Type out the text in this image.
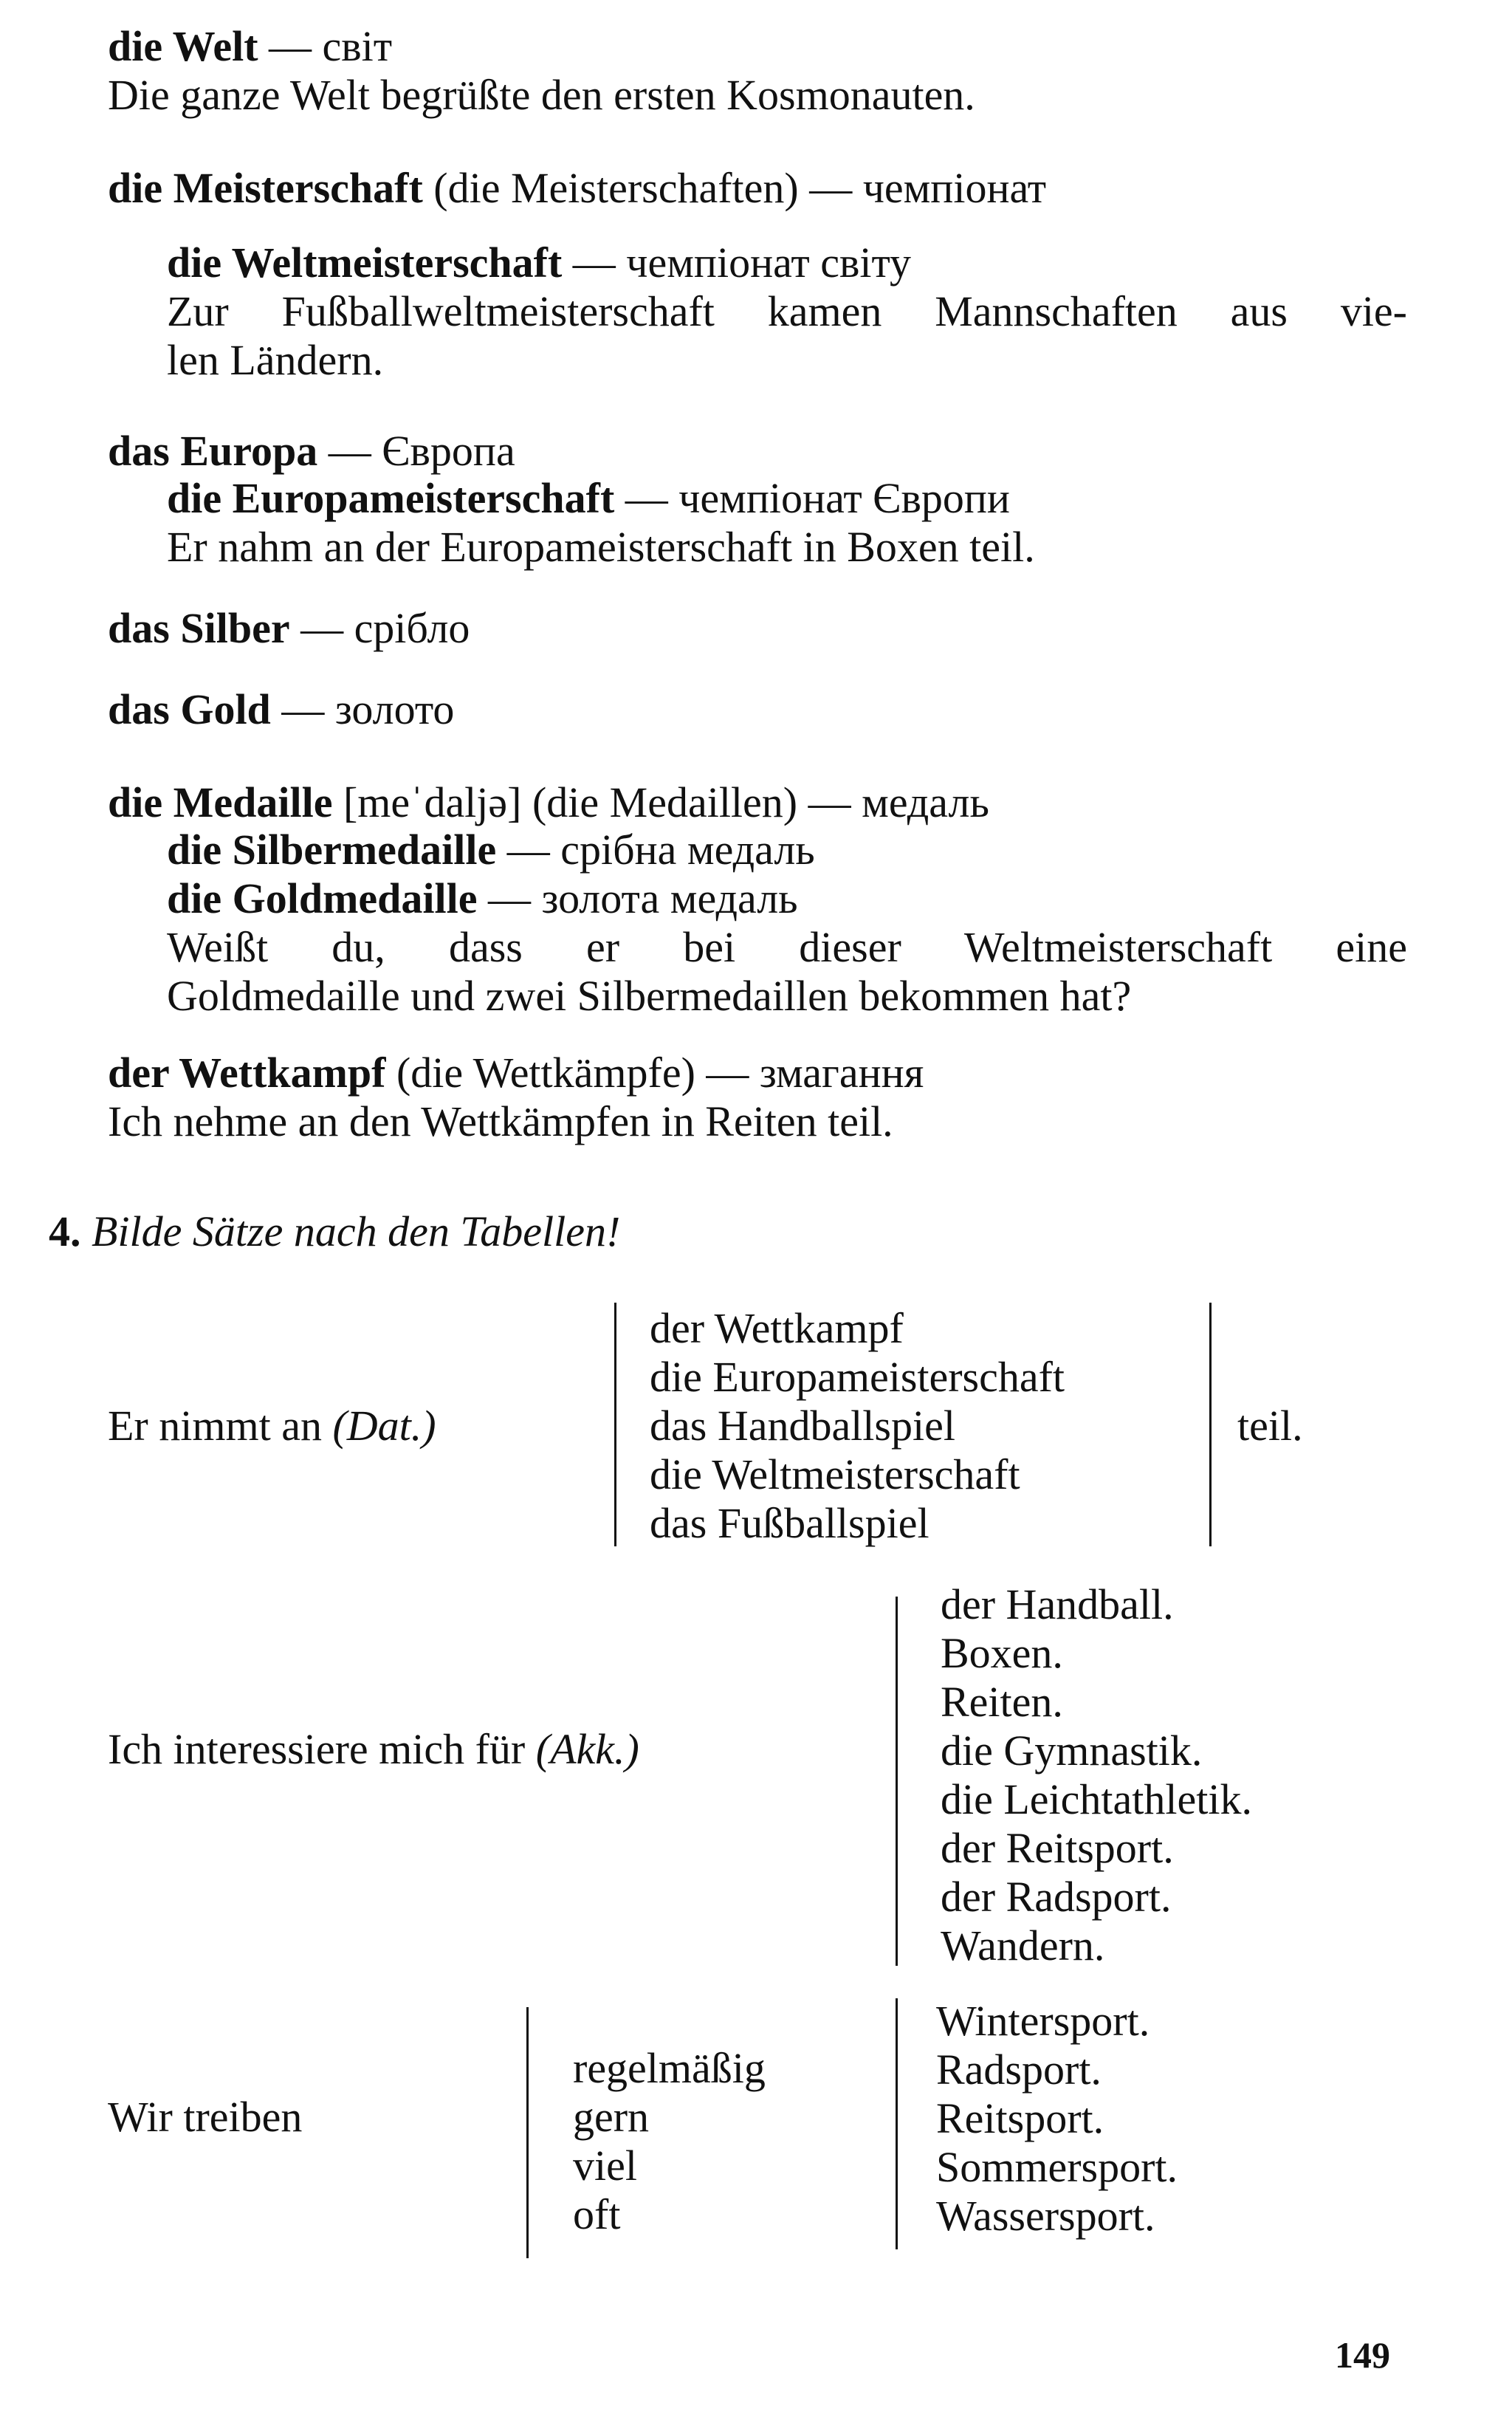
die Welt — світ
Die ganze Welt begrüßte den ersten Kosmonauten.
die Meisterschaft (die Meisterschaften) — чемпіонат
die Weltmeisterschaft — чемпіонат світу
Zur Fußballweltmeisterschaft kamen Mannschaften aus vie-
len Ländern.
das Europa — Європа
die Europameisterschaft — чемпіонат Європи
Er nahm an der Europameisterschaft in Boxen teil.
das Silber — срібло
das Gold — золото
die Medaille [meˈdaljə] (die Medaillen) — медаль
die Silbermedaille — срібна медаль
die Goldmedaille — золота медаль
Weißt du, dass er bei dieser Weltmeisterschaft eine
Goldmedaille und zwei Silbermedaillen bekommen hat?
der Wettkampf (die Wettkämpfe) — змагання
Ich nehme an den Wettkämpfen in Reiten teil.
4. Bilde Sätze nach den Tabellen!
Er nimmt an (Dat.)
der Wettkampf
die Europameisterschaft
das Handballspiel
die Weltmeisterschaft
das Fußballspiel
teil.
Ich interessiere mich für (Akk.)
der Handball.
Boxen.
Reiten.
die Gymnastik.
die Leichtathletik.
der Reitsport.
der Radsport.
Wandern.
Wir treiben
regelmäßig
gern
viel
oft
Wintersport.
Radsport.
Reitsport.
Sommersport.
Wassersport.
149
